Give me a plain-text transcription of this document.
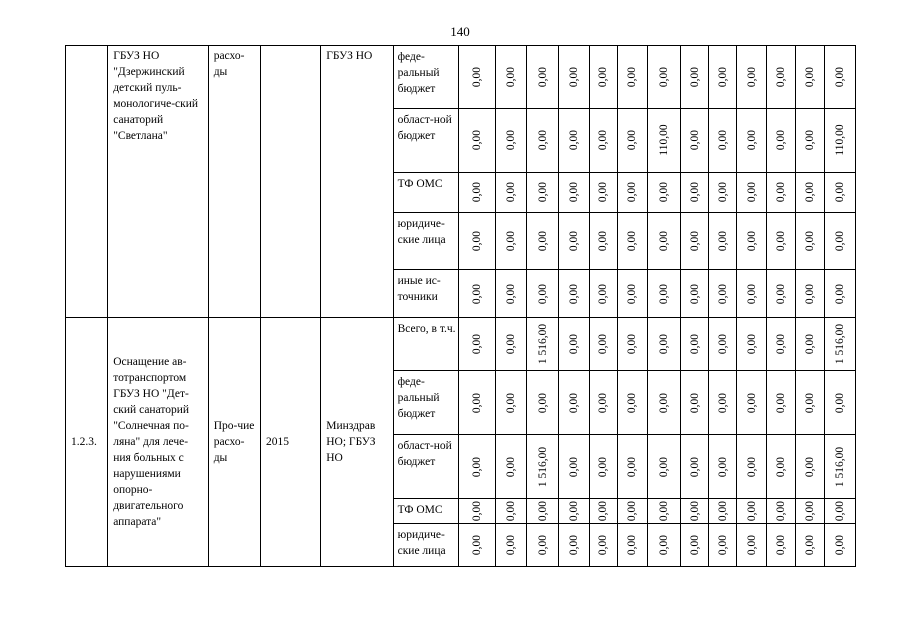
140
	ГБУЗ НО "Дзержинский детский пуль-монологиче-ский санаторий "Светлана"	расхо-ды		ГБУЗ НО	феде-ральный бюджет	0,00	0,00	0,00	0,00	0,00	0,00	0,00	0,00	0,00	0,00	0,00	0,00	0,00

					област-ной бюджет	0,00	0,00	0,00	0,00	0,00	0,00	110,00	0,00	0,00	0,00	0,00	0,00	110,00

					ТФ ОМС	0,00	0,00	0,00	0,00	0,00	0,00	0,00	0,00	0,00	0,00	0,00	0,00	0,00

					юридиче-ские лица	0,00	0,00	0,00	0,00	0,00	0,00	0,00	0,00	0,00	0,00	0,00	0,00	0,00

					иные ис-точники	0,00	0,00	0,00	0,00	0,00	0,00	0,00	0,00	0,00	0,00	0,00	0,00	0,00

1.2.3.	Оснащение ав-тотранспортом ГБУЗ НО "Дет-ский санаторий "Солнечная по-ляна" для лече-ния больных с нарушениями опорно-двигательного аппарата"	Про-чие расхо-ды	2015	Минздрав НО; ГБУЗ НО	Всего, в т.ч.	0,00	0,00	1 516,00	0,00	0,00	0,00	0,00	0,00	0,00	0,00	0,00	0,00	1 516,00

					феде-ральный бюджет	0,00	0,00	0,00	0,00	0,00	0,00	0,00	0,00	0,00	0,00	0,00	0,00	0,00

					област-ной бюджет	0,00	0,00	1 516,00	0,00	0,00	0,00	0,00	0,00	0,00	0,00	0,00	0,00	1 516,00

					ТФ ОМС	0,00	0,00	0,00	0,00	0,00	0,00	0,00	0,00	0,00	0,00	0,00	0,00	0,00

					юридиче-ские лица	0,00	0,00	0,00	0,00	0,00	0,00	0,00	0,00	0,00	0,00	0,00	0,00	0,00
